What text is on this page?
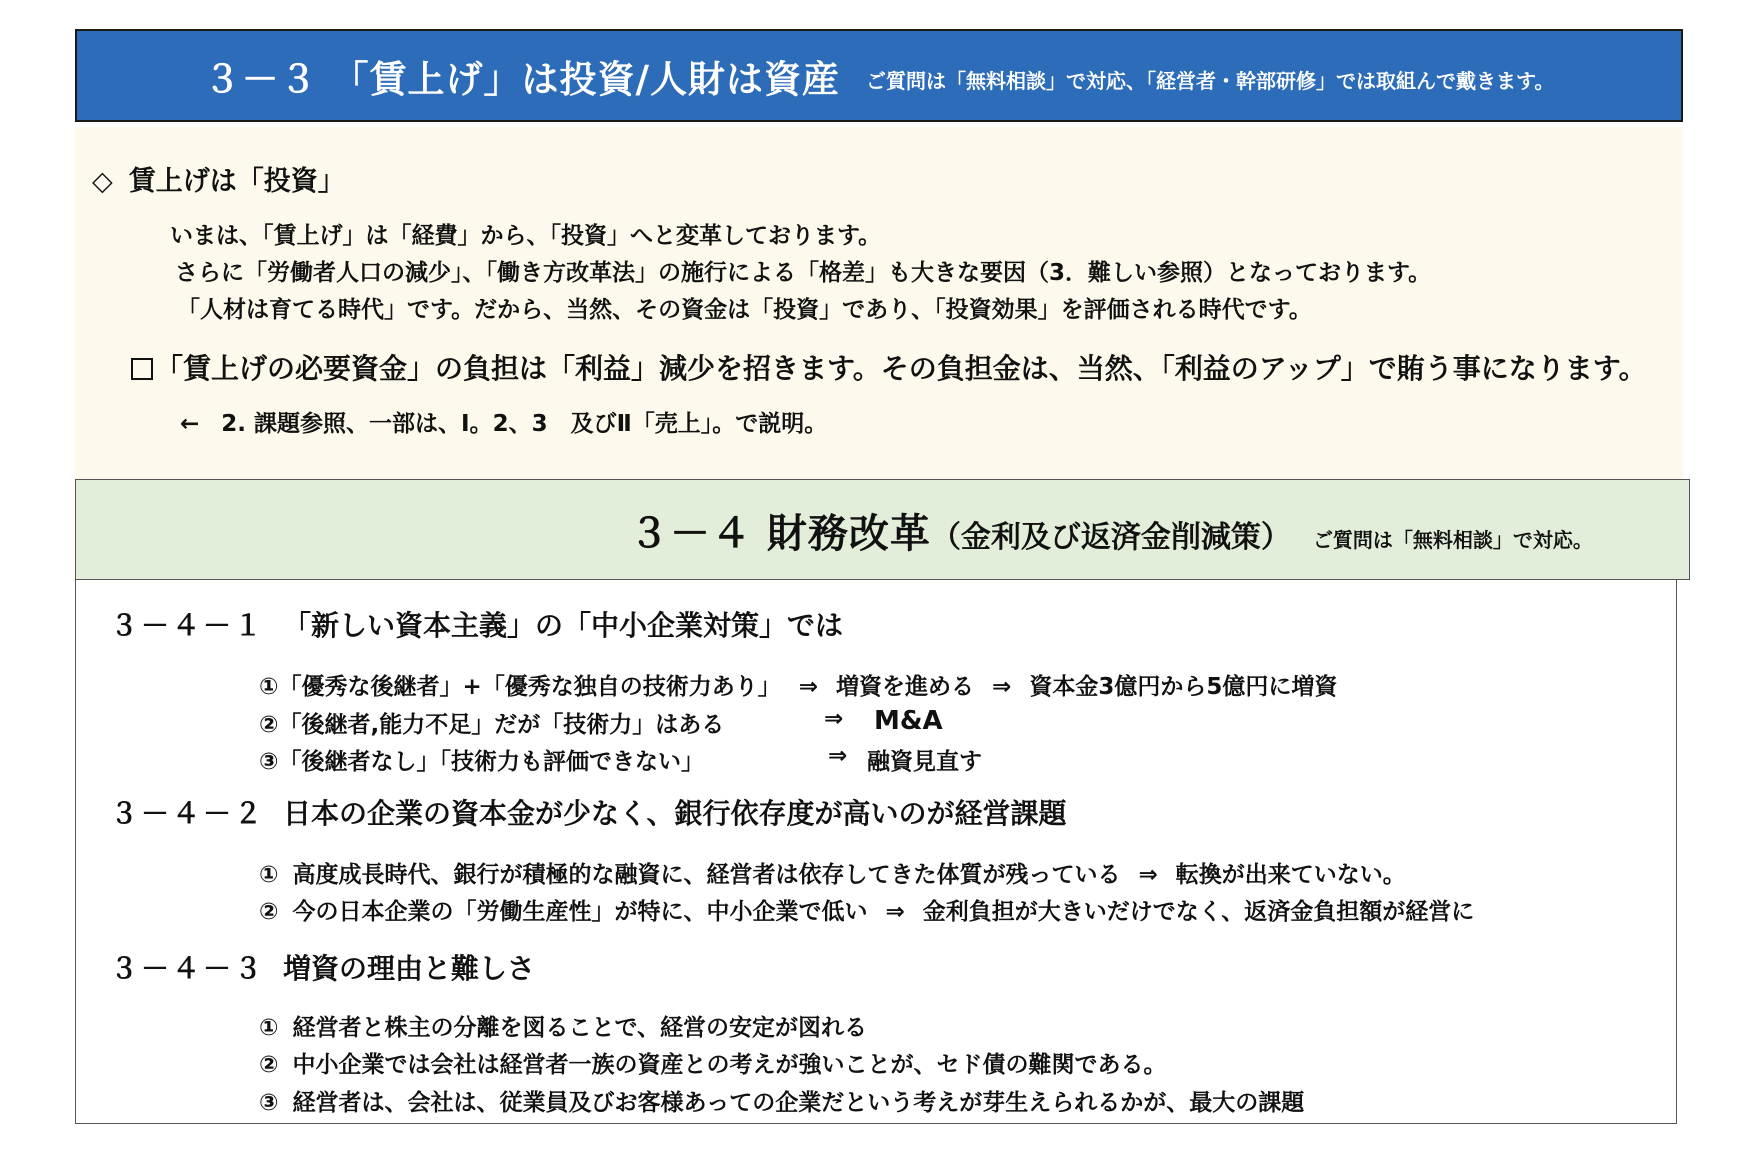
３－３ 「賃上げ」は投資/人財は資産 ご質問は「無料相談」で対応、「経営者・幹部研修」では取組んで戴きます。
◇ 賃上げは「投資」
いまは、「賃上げ」は「経費」から、「投資」へと変革しております。
さらに「労働者人口の減少」、「働き方改革法」の施行による「格差」も大きな要因（3．難しい参照）となっております。
「人材は育てる時代」です。だから、当然、その資金は「投資」であり、「投資効果」を評価される時代です。
「賃上げの必要資金」の負担は「利益」減少を招きます。その負担金は、当然、「利益のアップ」で賄う事になります。
← 2. 課題参照、一部は、Ⅰ。2、3　及びⅡ「売上」。で説明。
３－４ 財務改革（金利及び返済金削減策） ご質問は「無料相談」で対応。
３－４－１ 「新しい資本主義」の「中小企業対策」では
①「優秀な後継者」+「優秀な独自の技術力あり」 ⇒ 増資を進める ⇒ 資本金3億円から5億円に増資
②「後継者,能力不足」だが「技術力」はある	⇒ M&A
③「後継者なし」「技術力も評価できない」	⇒ 融資見直す
３－４－２ 日本の企業の資本金が少なく、銀行依存度が高いのが経営課題
① 高度成長時代、銀行が積極的な融資に、経営者は依存してきた体質が残っている ⇒ 転換が出来ていない。
② 今の日本企業の「労働生産性」が特に、中小企業で低い ⇒ 金利負担が大きいだけでなく、返済金負担額が経営に
３－４－３ 増資の理由と難しさ
① 経営者と株主の分離を図ることで、経営の安定が図れる
② 中小企業では会社は経営者一族の資産との考えが強いことが、セド債の難関である。
③ 経営者は、会社は、従業員及びお客様あっての企業だという考えが芽生えられるかが、最大の課題
